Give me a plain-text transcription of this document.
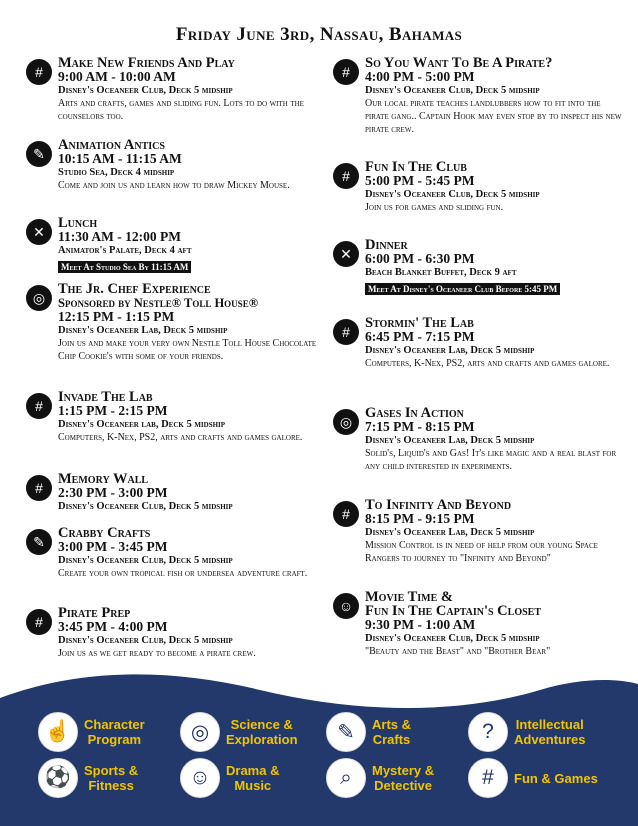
Friday June 3rd, Nassau, Bahamas
#
Make New Friends And Play
9:00 AM - 10:00 AM
Disney's Oceaneer Club, Deck 5 midship
Arts and crafts, games and sliding fun. Lots to do with the counselors too.
✎
Animation Antics
10:15 AM - 11:15 AM
Studio Sea, Deck 4 midship
Come and join us and learn how to draw Mickey Mouse.
✕
Lunch
11:30 AM - 12:00 PM
Animator's Palate, Deck 4 aft
Meet At Studio Sea By 11:15 AM
◎
The Jr. Chef Experience
Sponsored by Nestle® Toll House®
12:15 PM - 1:15 PM
Disney's Oceaneer Lab, Deck 5 midship
Join us and make your very own Nestle Toll House Chocolate Chip Cookie's with some of your friends.
#
Invade The Lab
1:15 PM - 2:15 PM
Disney's Oceaneer lab, Deck 5 midship
Computers, K-Nex, PS2, arts and crafts and games galore.
#
Memory Wall
2:30 PM - 3:00 PM
Disney's Oceaneer Club, Deck 5 midship
✎
Crabby Crafts
3:00 PM - 3:45 PM
Disney's Oceaneer Club, Deck 5 midship
Create your own tropical fish or undersea adventure craft.
#
Pirate Prep
3:45 PM - 4:00 PM
Disney's Oceaneer Club, Deck 5 midship
Join us as we get ready to become a pirate crew.
#
So You Want To Be A Pirate?
4:00 PM - 5:00 PM
Disney's Oceaneer Club, Deck 5 midship
Our local pirate teaches landlubbers how to fit into the pirate gang.. Captain Hook may even stop by to inspect his new pirate crew.
#
Fun In The Club
5:00 PM - 5:45 PM
Disney's Oceaneer Club, Deck 5 midship
Join us for games and sliding fun.
✕
Dinner
6:00 PM - 6:30 PM
Beach Blanket Buffet, Deck 9 aft
Meet At Disney's Oceaneer Club Before 5:45 PM
#
Stormin' The Lab
6:45 PM - 7:15 PM
Disney's Oceaneer Lab, Deck 5 midship
Computers, K-Nex, PS2, arts and crafts and games galore.
◎
Gases In Action
7:15 PM - 8:15 PM
Disney's Oceaneer Lab, Deck 5 midship
Solid's, Liquid's and Gas! It's like magic and a real blast for any child interested in experiments.
#
To Infinity And Beyond
8:15 PM - 9:15 PM
Disney's Oceaneer Lab, Deck 5 midship
Mission Control is in need of help from our young Space Rangers to journey to "Infinity and Beyond"
☺
Movie Time &
Fun In The Captain's Closet
9:30 PM - 1:00 AM
Disney's Oceaneer Club, Deck 5 midship
"Beauty and the Beast" and "Brother Bear"
☝ Character
Program	◎	Science &
Exploration	✎	Arts &
Crafts	?	Intellectual
Adventures
⚽ Sports &
Fitness	☺	Drama &
Music	⌕	Mystery &
Detective	#	Fun & Games
